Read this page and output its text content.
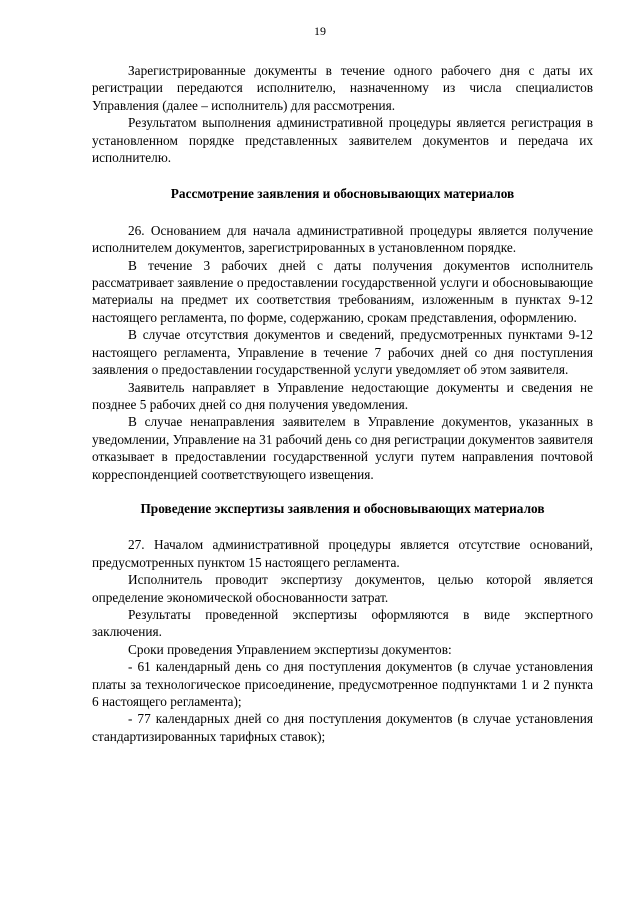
19

Зарегистрированные документы в течение одного рабочего дня с даты их регистрации передаются исполнителю, назначенному из числа специалистов Управления (далее – исполнитель) для рассмотрения.

Результатом выполнения административной процедуры является регистрация в установленном порядке представленных заявителем документов и передача их исполнителю.

Рассмотрение заявления и обосновывающих материалов

26. Основанием для начала административной процедуры является получение исполнителем документов, зарегистрированных в установленном порядке.

В течение 3 рабочих дней с даты получения документов исполнитель рассматривает заявление о предоставлении государственной услуги и обосновывающие материалы на предмет их соответствия требованиям, изложенным в пунктах 9-12 настоящего регламента, по форме, содержанию, срокам представления, оформлению.

В случае отсутствия документов и сведений, предусмотренных пунктами 9-12 настоящего регламента, Управление в течение 7 рабочих дней со дня поступления заявления о предоставлении государственной услуги уведомляет об этом заявителя.

Заявитель направляет в Управление недостающие документы и сведения не позднее 5 рабочих дней со дня получения уведомления.

В случае ненаправления заявителем в Управление документов, указанных в уведомлении, Управление на 31 рабочий день со дня регистрации документов заявителя отказывает в предоставлении государственной услуги путем направления почтовой корреспонденцией соответствующего извещения.

Проведение экспертизы заявления и обосновывающих материалов

27. Началом административной процедуры является отсутствие оснований, предусмотренных пунктом 15 настоящего регламента.

Исполнитель проводит экспертизу документов, целью которой является определение экономической обоснованности затрат.

Результаты проведенной экспертизы оформляются в виде экспертного заключения.

Сроки проведения Управлением экспертизы документов:

- 61 календарный день со дня поступления документов (в случае установления платы за технологическое присоединение, предусмотренное подпунктами 1 и 2 пункта 6 настоящего регламента);

- 77 календарных дней со дня поступления документов (в случае установления стандартизированных тарифных ставок);
